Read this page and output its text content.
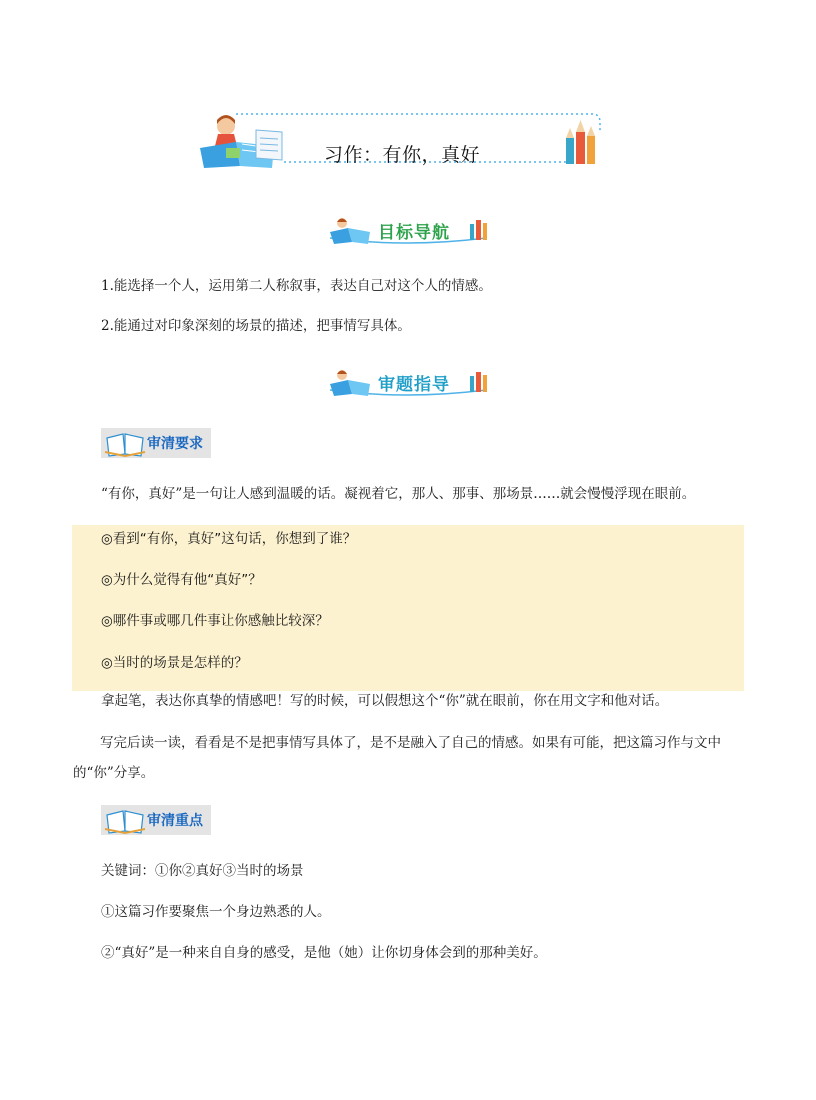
习作：有你，真好
目标导航
1.能选择一个人，运用第二人称叙事，表达自己对这个人的情感。
2.能通过对印象深刻的场景的描述，把事情写具体。
审题指导
审清要求
“有你，真好”是一句让人感到温暖的话。凝视着它，那人、那事、那场景……就会慢慢浮现在眼前。
◎看到“有你，真好”这句话，你想到了谁？
◎为什么觉得有他“真好”？
◎哪件事或哪几件事让你感触比较深？
◎当时的场景是怎样的？
拿起笔，表达你真挚的情感吧！写的时候，可以假想这个“你”就在眼前，你在用文字和他对话。
写完后读一读，看看是不是把事情写具体了，是不是融入了自己的情感。如果有可能，把这篇习作与文中的“你”分享。
审清重点
关键词：①你②真好③当时的场景
①这篇习作要聚焦一个身边熟悉的人。
②“真好”是一种来自自身的感受，是他（她）让你切身体会到的那种美好。
